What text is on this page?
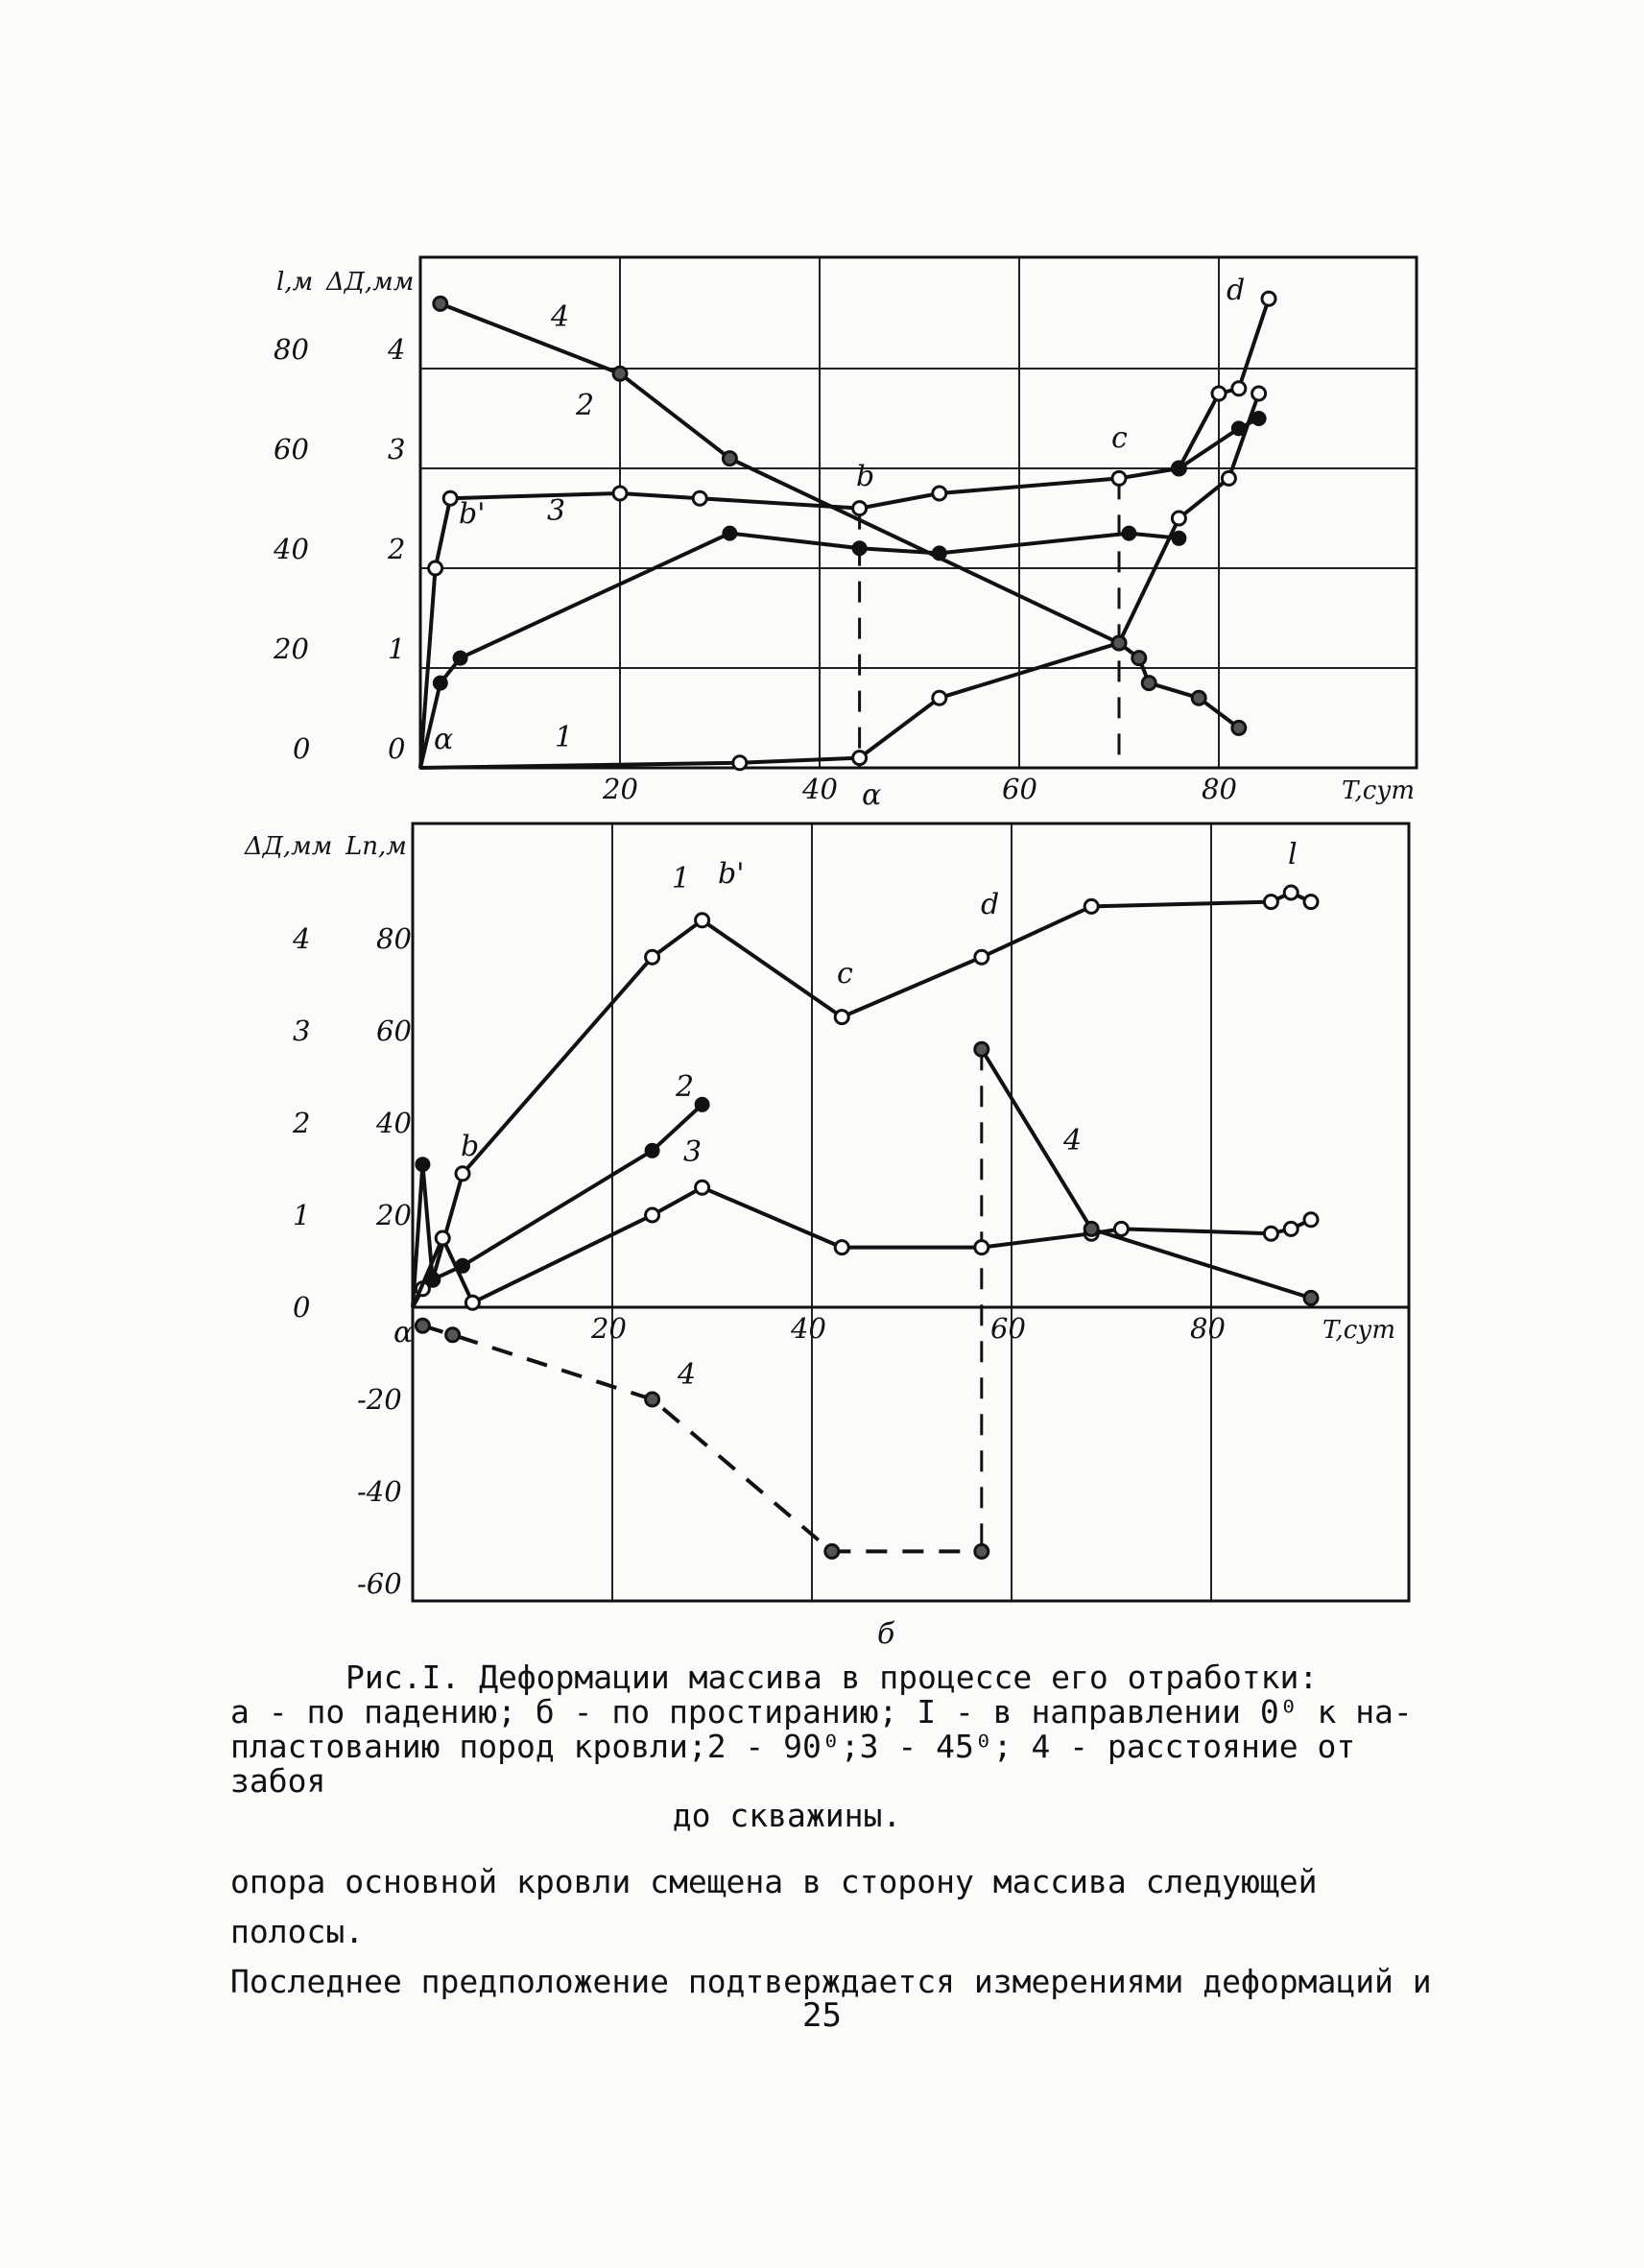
l,м ΔД,мм
T,сут
20	40	60	80
0
20
40
60
80
0
1
2
3
4
α
α
b'
b
c
d
1
2
3
4
ΔД,мм Lп,м
T,сут
20	40	60	80
0
1
2
3
4
-60
-40
-20
20
40
60
80
б
α
b
b'
c
d
l
1
2
3	4
4
Рис.I. Деформации массива в процессе его отработки:
а - по падению; б - по простиранию; I - в направлении 0⁰ к на-
пластованию пород кровли;2 - 90⁰;3 - 45⁰; 4 - расстояние от забоя
до скважины.
опора основной кровли смещена в сторону массива следующей полосы.
Последнее предположение подтверждается измерениями деформаций и
25
